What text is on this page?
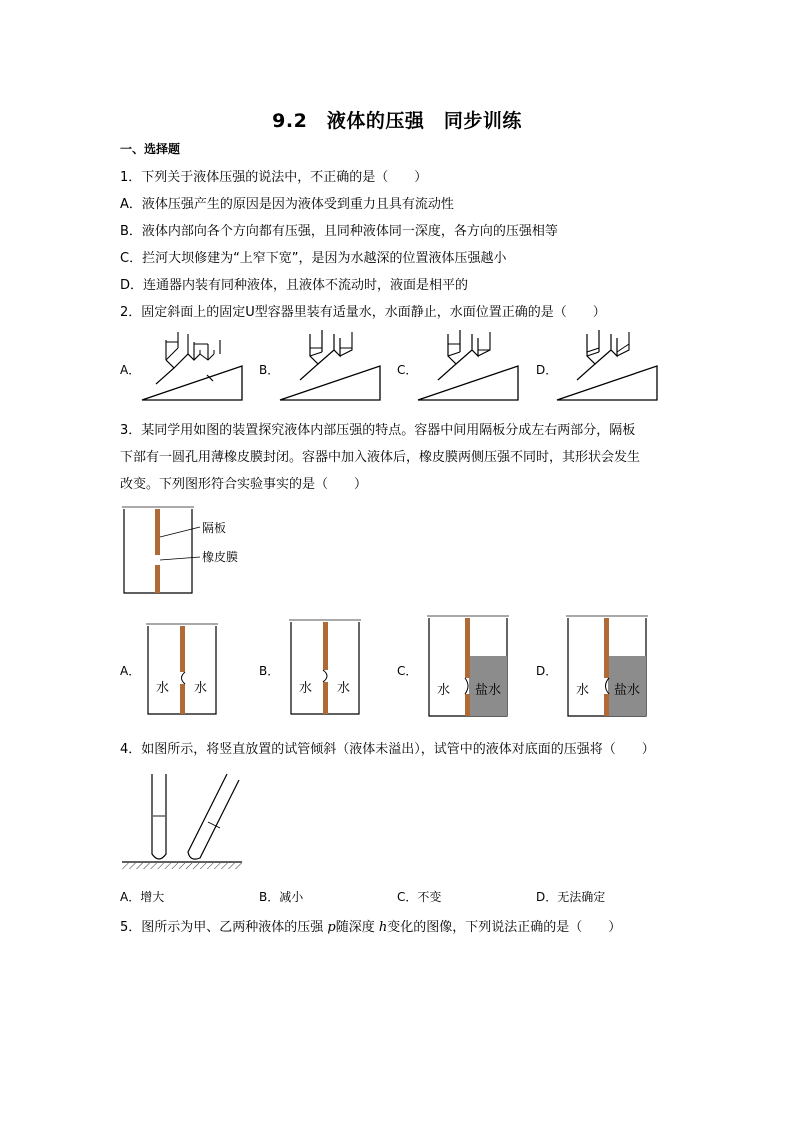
9.2　液体的压强　同步训练
一、选择题
1．下列关于液体压强的说法中，不正确的是（　　）
A．液体压强产生的原因是因为液体受到重力且具有流动性
B．液体内部向各个方向都有压强，且同种液体同一深度，各方向的压强相等
C．拦河大坝修建为“上窄下宽”，是因为水越深的位置液体压强越小
D．连通器内装有同种液体，且液体不流动时，液面是相平的
2．固定斜面上的固定U型容器里装有适量水，水面静止，水面位置正确的是（　　）
A．	B．	C．	D．
3．某同学用如图的装置探究液体内部压强的特点。容器中间用隔板分成左右两部分，隔板
下部有一圆孔用薄橡皮膜封闭。容器中加入液体后，橡皮膜两侧压强不同时，其形状会发生
改变。下列图形符合实验事实的是（　　）
隔板
橡皮膜
A．	B．	C．	D．
水 水	水 水	水 盐水	水 盐水
4．如图所示，将竖直放置的试管倾斜（液体未溢出），试管中的液体对底面的压强将（　　）
A．增大	B．减小	C．不变	D．无法确定
5．图所示为甲、乙两种液体的压强 p随深度 h变化的图像，下列说法正确的是（　　）
